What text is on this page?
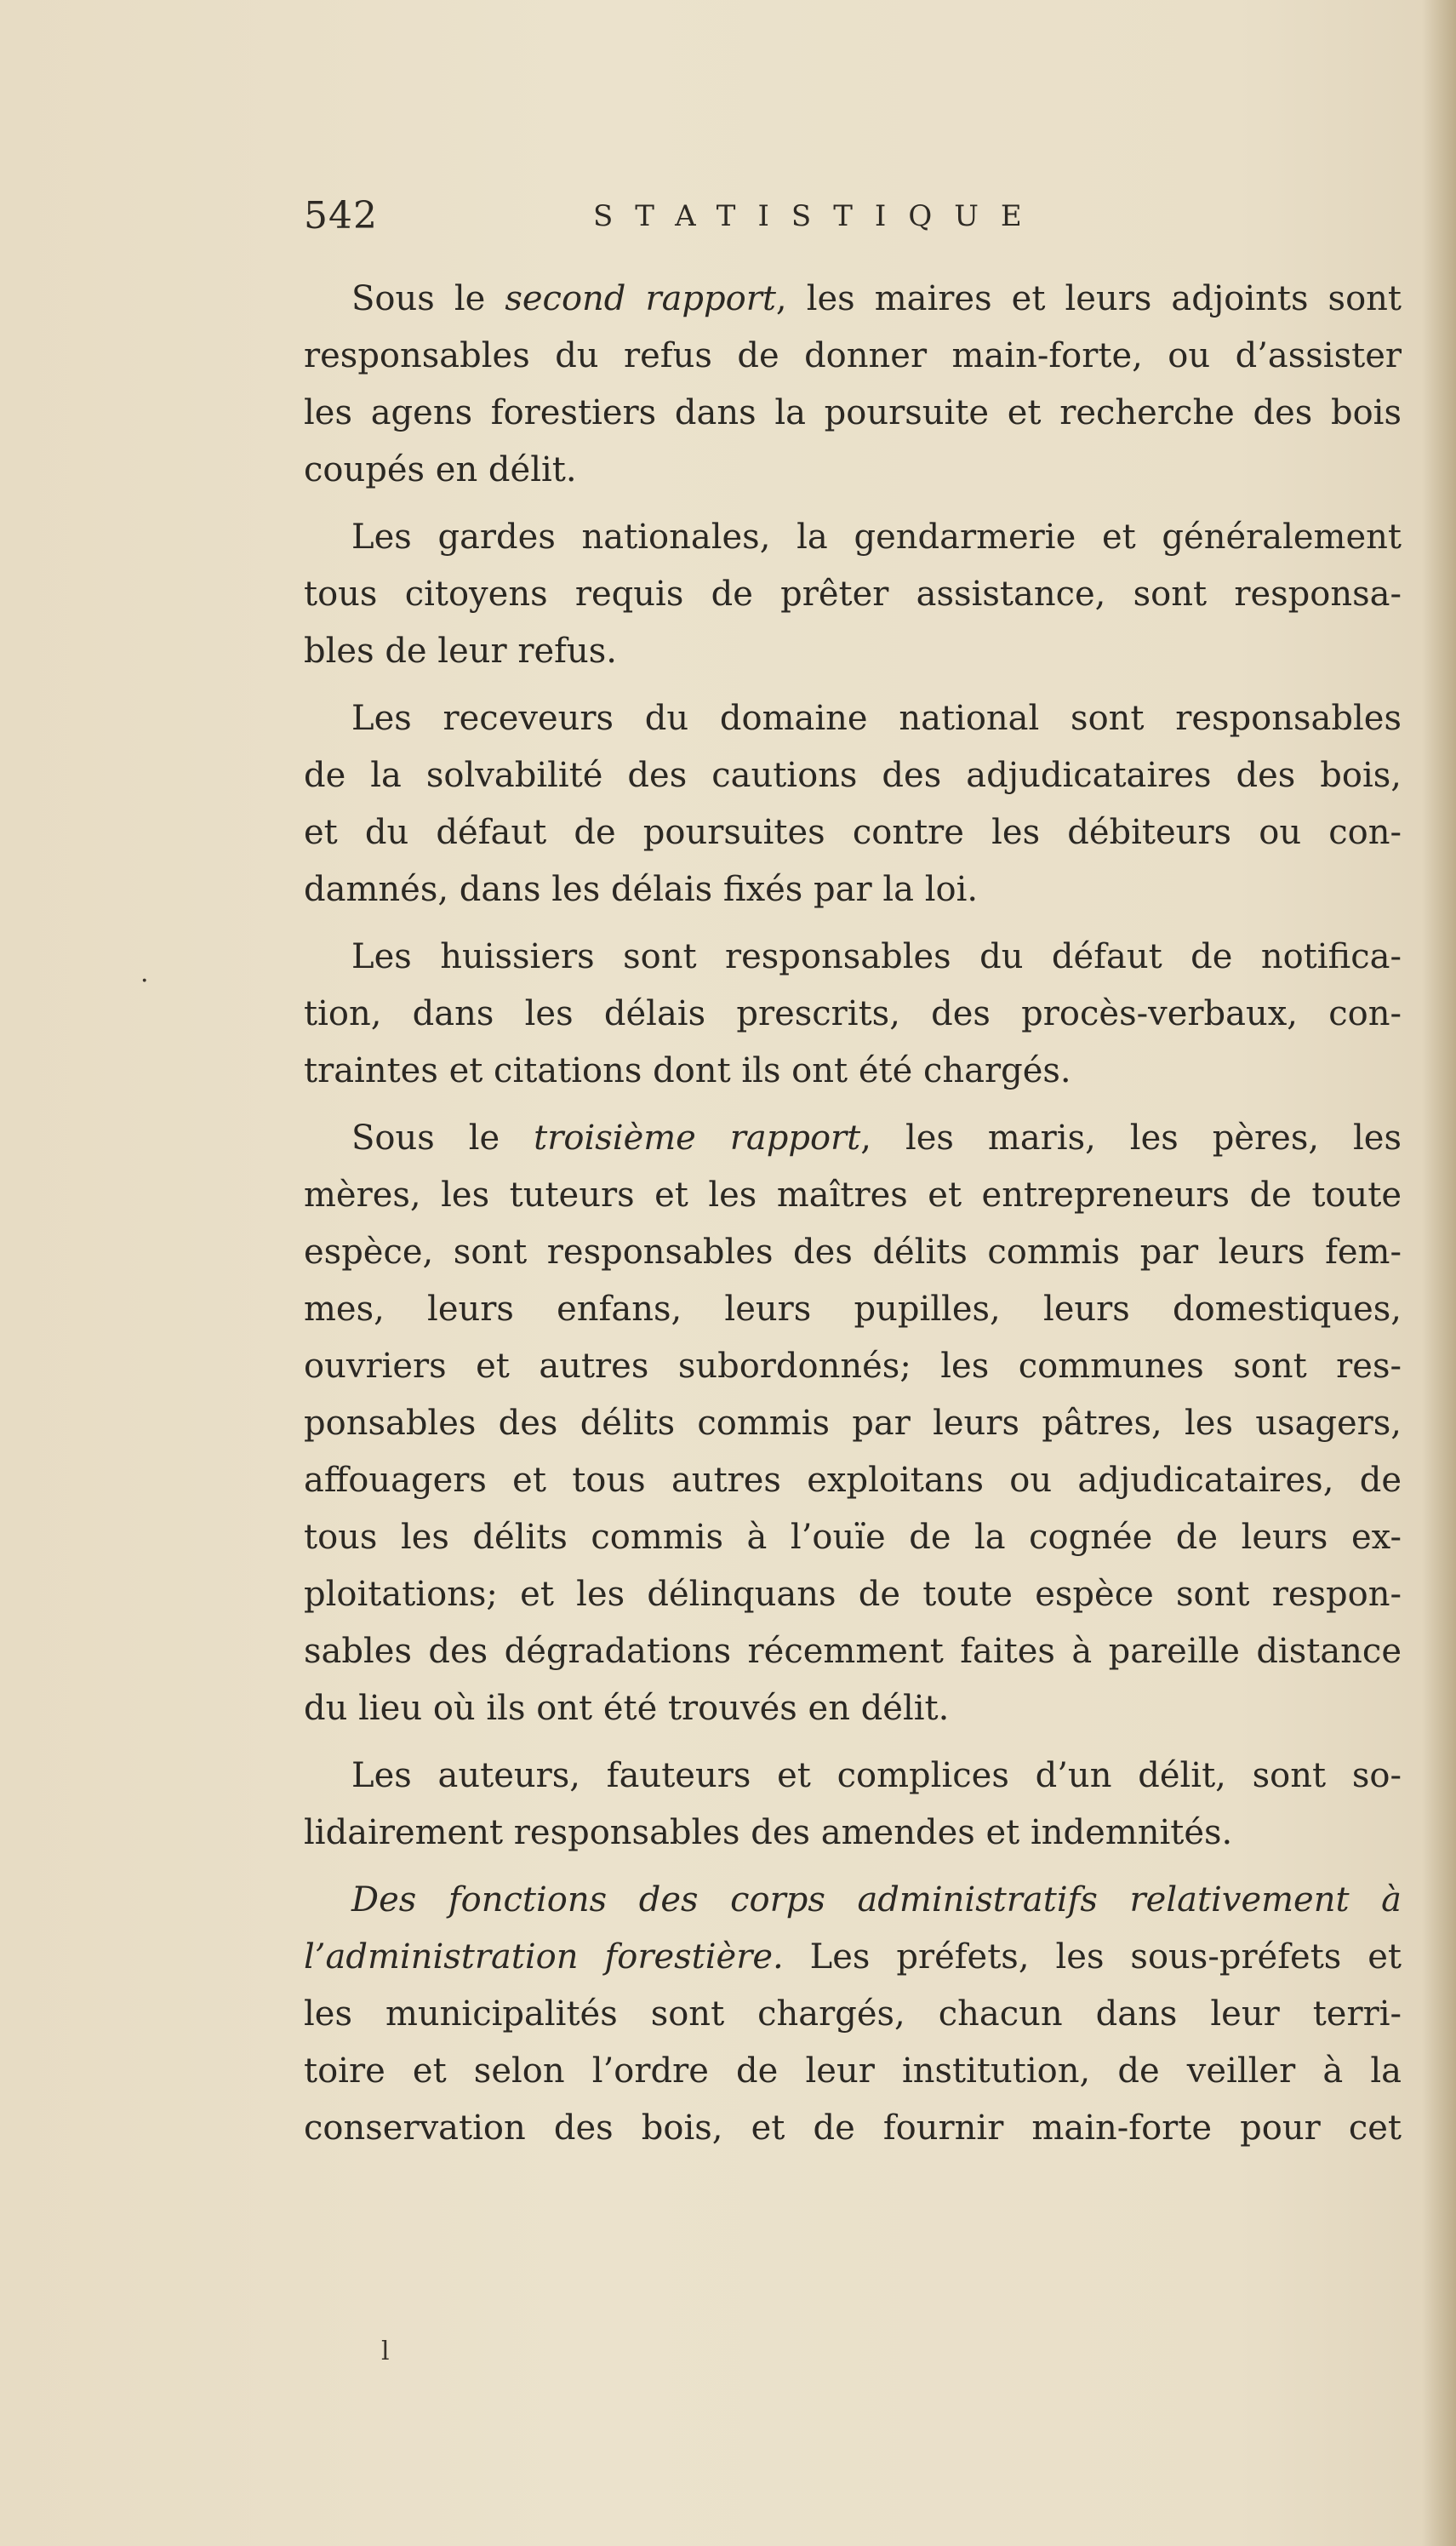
542	STATISTIQUE
Sous le second rapport, les maires et leurs adjoints sont
responsables du refus de donner main-forte, ou d’assister
les agens forestiers dans la poursuite et recherche des bois
coupés en délit.
Les gardes nationales, la gendarmerie et généralement
tous citoyens requis de prêter assistance, sont responsa-
bles de leur refus.
Les receveurs du domaine national sont responsables
de la solvabilité des cautions des adjudicataires des bois,
et du défaut de poursuites contre les débiteurs ou con-
damnés, dans les délais fixés par la loi.
Les huissiers sont responsables du défaut de notifica-
tion, dans les délais prescrits, des procès-verbaux, con-
traintes et citations dont ils ont été chargés.
Sous le troisième rapport, les maris, les pères, les
mères, les tuteurs et les maîtres et entrepreneurs de toute
espèce, sont responsables des délits commis par leurs fem-
mes, leurs enfans, leurs pupilles, leurs domestiques,
ouvriers et autres subordonnés; les communes sont res-
ponsables des délits commis par leurs pâtres, les usagers,
affouagers et tous autres exploitans ou adjudicataires, de
tous les délits commis à l’ouïe de la cognée de leurs ex-
ploitations; et les délinquans de toute espèce sont respon-
sables des dégradations récemment faites à pareille distance
du lieu où ils ont été trouvés en délit.
Les auteurs, fauteurs et complices d’un délit, sont so-
lidairement responsables des amendes et indemnités.
Des fonctions des corps administratifs relativement à
l’administration forestière. Les préfets, les sous-préfets et
les municipalités sont chargés, chacun dans leur terri-
toire et selon l’ordre de leur institution, de veiller à la
conservation des bois, et de fournir main-forte pour cet
·
ⅼ
